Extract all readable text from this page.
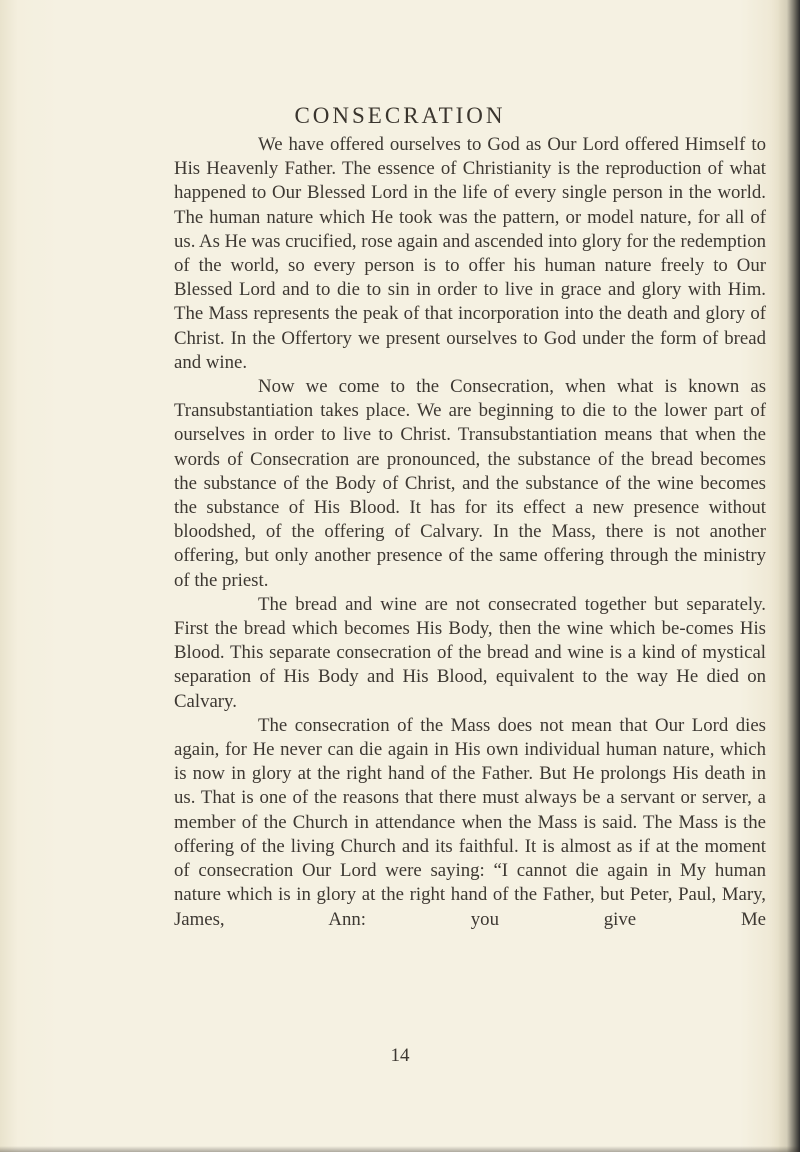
CONSECRATION

We have offered ourselves to God as Our Lord offered Himself to His Heavenly Father. The essence of Christianity is the reproduction of what happened to Our Blessed Lord in the life of every single person in the world. The human nature which He took was the pattern, or model nature, for all of us. As He was crucified, rose again and ascended into glory for the redemption of the world, so every person is to offer his human nature freely to Our Blessed Lord and to die to sin in order to live in grace and glory with Him. The Mass represents the peak of that incorporation into the death and glory of Christ. In the Offertory we present ourselves to God under the form of bread and wine.

Now we come to the Consecration, when what is known as Transubstantiation takes place. We are beginning to die to the lower part of ourselves in order to live to Christ. Transubstantiation means that when the words of Consecration are pronounced, the substance of the bread becomes the substance of the Body of Christ, and the substance of the wine becomes the substance of His Blood. It has for its effect a new presence without bloodshed, of the offering of Calvary. In the Mass, there is not another offering, but only another presence of the same offering through the ministry of the priest.

The bread and wine are not consecrated together but separately. First the bread which becomes His Body, then the wine which be-comes His Blood. This separate consecration of the bread and wine is a kind of mystical separation of His Body and His Blood, equivalent to the way He died on Calvary.

The consecration of the Mass does not mean that Our Lord dies again, for He never can die again in His own individual human nature, which is now in glory at the right hand of the Father. But He prolongs His death in us. That is one of the reasons that there must always be a servant or server, a member of the Church in attendance when the Mass is said. The Mass is the offering of the living Church and its faithful. It is almost as if at the moment of consecration Our Lord were saying: “I cannot die again in My human nature which is in glory at the right hand of the Father, but Peter, Paul, Mary, James, Ann: you give Me

14
